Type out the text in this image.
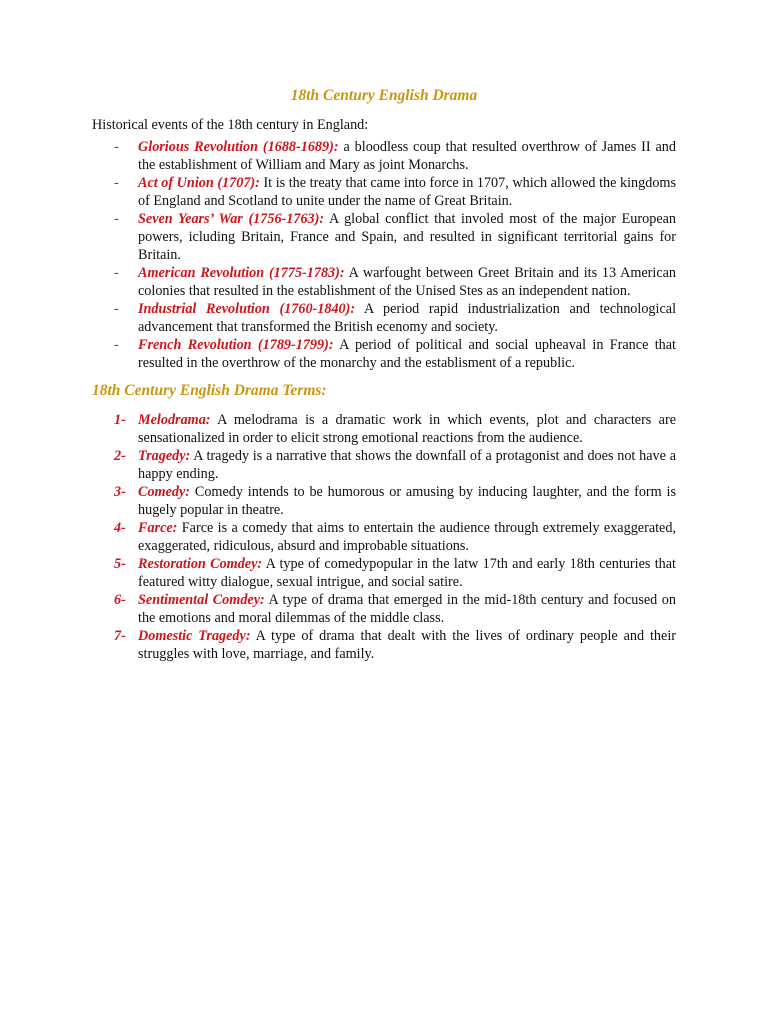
18th Century English Drama

Historical events of the 18th century in England:

- Glorious Revolution (1688-1689): a bloodless coup that resulted overthrow of James II and the establishment of William and Mary as joint Monarchs.
- Act of Union (1707): It is the treaty that came into force in 1707, which allowed the kingdoms of England and Scotland to unite under the name of Great Britain.
- Seven Years’ War (1756-1763): A global conflict that involed most of the major European powers, icluding Britain, France and Spain, and resulted in significant territorial gains for Britain.
- American Revolution (1775-1783): A warfought between Greet Britain and its 13 American colonies that resulted in the establishment of the Unised Stes as an independent nation.
- Industrial Revolution (1760-1840): A period rapid industrialization and technological advancement that transformed the British ecenomy and society.
- French Revolution (1789-1799): A period of political and social upheaval in France that resulted in the overthrow of the monarchy and the establisment of a republic.
18th Century English Drama Terms:
1- Melodrama: A melodrama is a dramatic work in which events, plot and characters are sensationalized in order to elicit strong emotional reactions from the audience.
2- Tragedy: A tragedy is a narrative that shows the downfall of a protagonist and does not have a happy ending.
3- Comedy: Comedy intends to be humorous or amusing by inducing laughter, and the form is hugely popular in theatre.
4- Farce: Farce is a comedy that aims to entertain the audience through extremely exaggerated, exaggerated, ridiculous, absurd and improbable situations.
5- Restoration Comdey: A type of comedypopular in the latw 17th and early 18th centuries that featured witty dialogue, sexual intrigue, and social satire.
6- Sentimental Comdey: A type of drama that emerged in the mid-18th century and focused on the emotions and moral dilemmas of the middle class.
7- Domestic Tragedy: A type of drama that dealt with the lives of ordinary people and their struggles with love, marriage, and family.
